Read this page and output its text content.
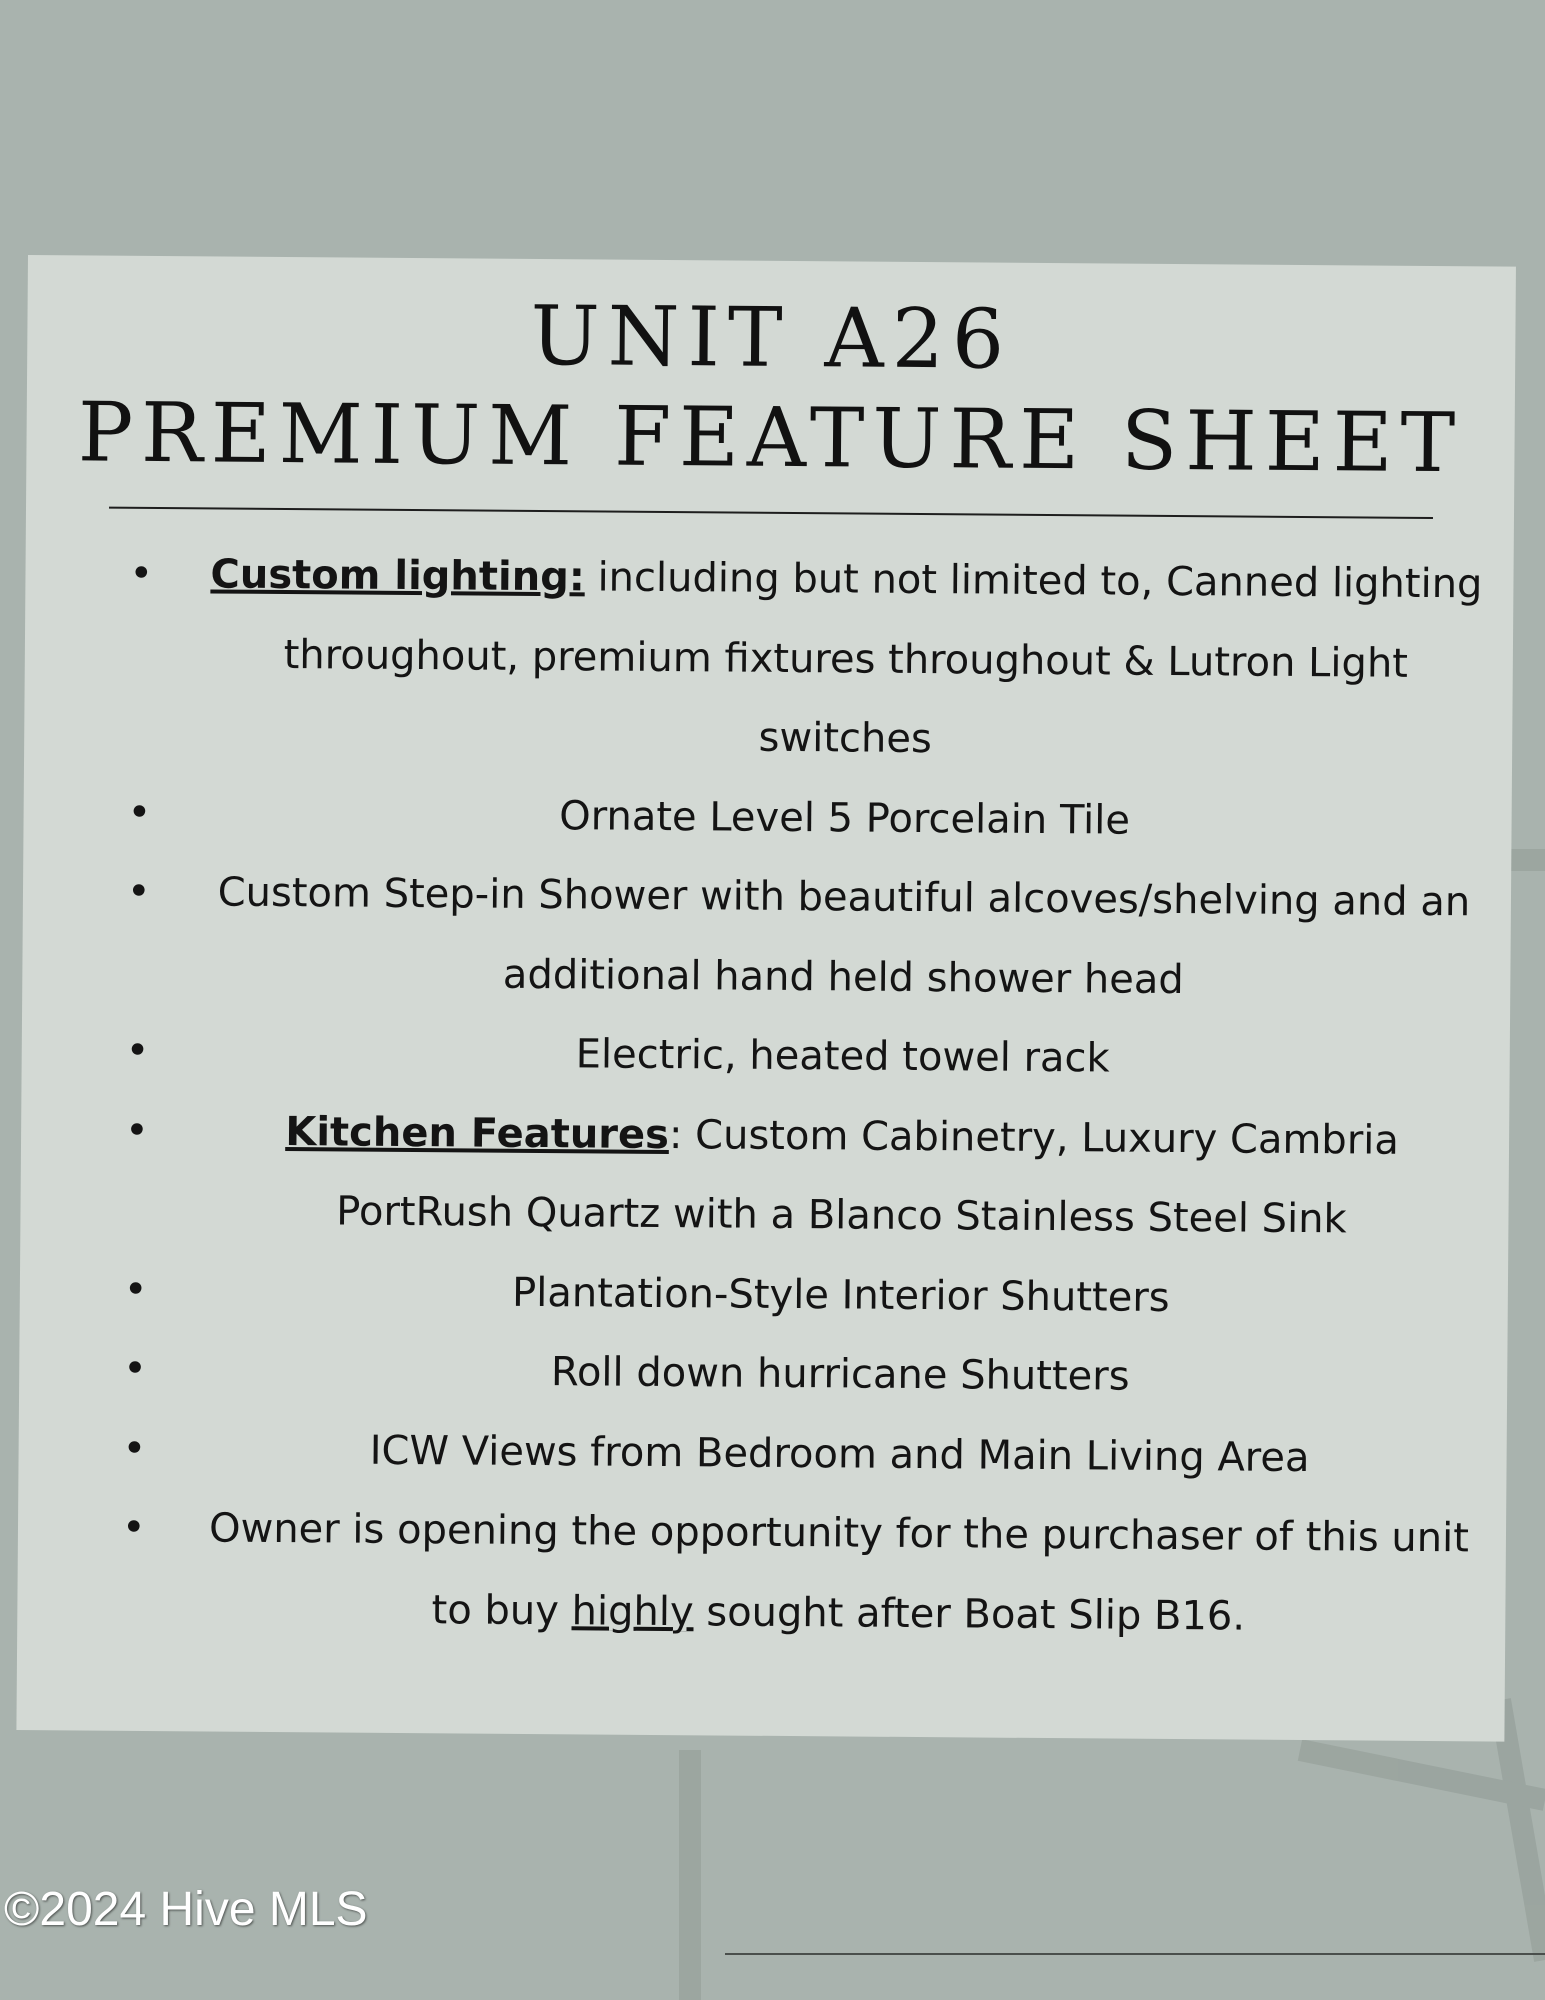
UNIT A26
PREMIUM FEATURE SHEET
• Custom lighting: including but not limited to, Canned lighting throughout, premium fixtures throughout & Lutron Light switches
• Ornate Level 5 Porcelain Tile
• Custom Step-in Shower with beautiful alcoves/shelving and an additional hand held shower head
• Electric, heated towel rack
• Kitchen Features: Custom Cabinetry, Luxury Cambria PortRush Quartz with a Blanco Stainless Steel Sink
• Plantation-Style Interior Shutters
• Roll down hurricane Shutters
• ICW Views from Bedroom and Main Living Area
• Owner is opening the opportunity for the purchaser of this unit to buy highly sought after Boat Slip B16.
©2024 Hive MLS
